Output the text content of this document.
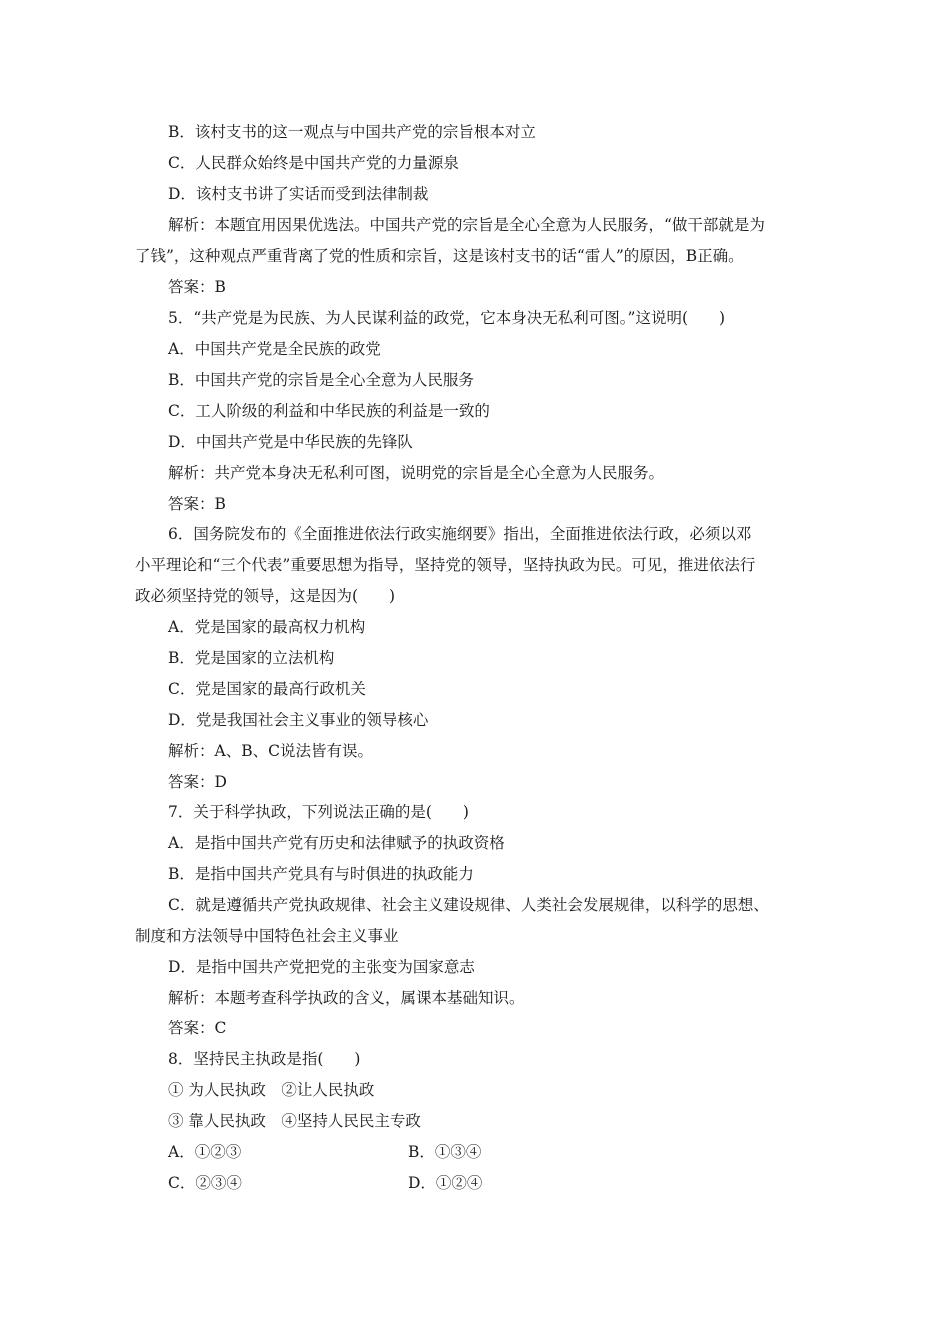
B．该村支书的这一观点与中国共产党的宗旨根本对立
C．人民群众始终是中国共产党的力量源泉
D．该村支书讲了实话而受到法律制裁
解析：本题宜用因果优选法。中国共产党的宗旨是全心全意为人民服务，“做干部就是为
了钱”，这种观点严重背离了党的性质和宗旨，这是该村支书的话“雷人”的原因，B正确。
答案：B
5．“共产党是为民族、为人民谋利益的政党，它本身决无私利可图。”这说明(　　)
A．中国共产党是全民族的政党
B．中国共产党的宗旨是全心全意为人民服务
C．工人阶级的利益和中华民族的利益是一致的
D．中国共产党是中华民族的先锋队
解析：共产党本身决无私利可图，说明党的宗旨是全心全意为人民服务。
答案：B
6．国务院发布的《全面推进依法行政实施纲要》指出，全面推进依法行政，必须以邓
小平理论和“三个代表”重要思想为指导，坚持党的领导，坚持执政为民。可见，推进依法行
政必须坚持党的领导，这是因为(　　)
A．党是国家的最高权力机构
B．党是国家的立法机构
C．党是国家的最高行政机关
D．党是我国社会主义事业的领导核心
解析：A、B、C说法皆有误。
答案：D
7．关于科学执政，下列说法正确的是(　　)
A．是指中国共产党有历史和法律赋予的执政资格
B．是指中国共产党具有与时俱进的执政能力
C．就是遵循共产党执政规律、社会主义建设规律、人类社会发展规律，以科学的思想、
制度和方法领导中国特色社会主义事业
D．是指中国共产党把党的主张变为国家意志
解析：本题考查科学执政的含义，属课本基础知识。
答案：C
8．坚持民主执政是指(　　)
① 为人民执政　②让人民执政
③ 靠人民执政　④坚持人民民主专政
A．①②③	B．①③④
C．②③④	D．①②④
